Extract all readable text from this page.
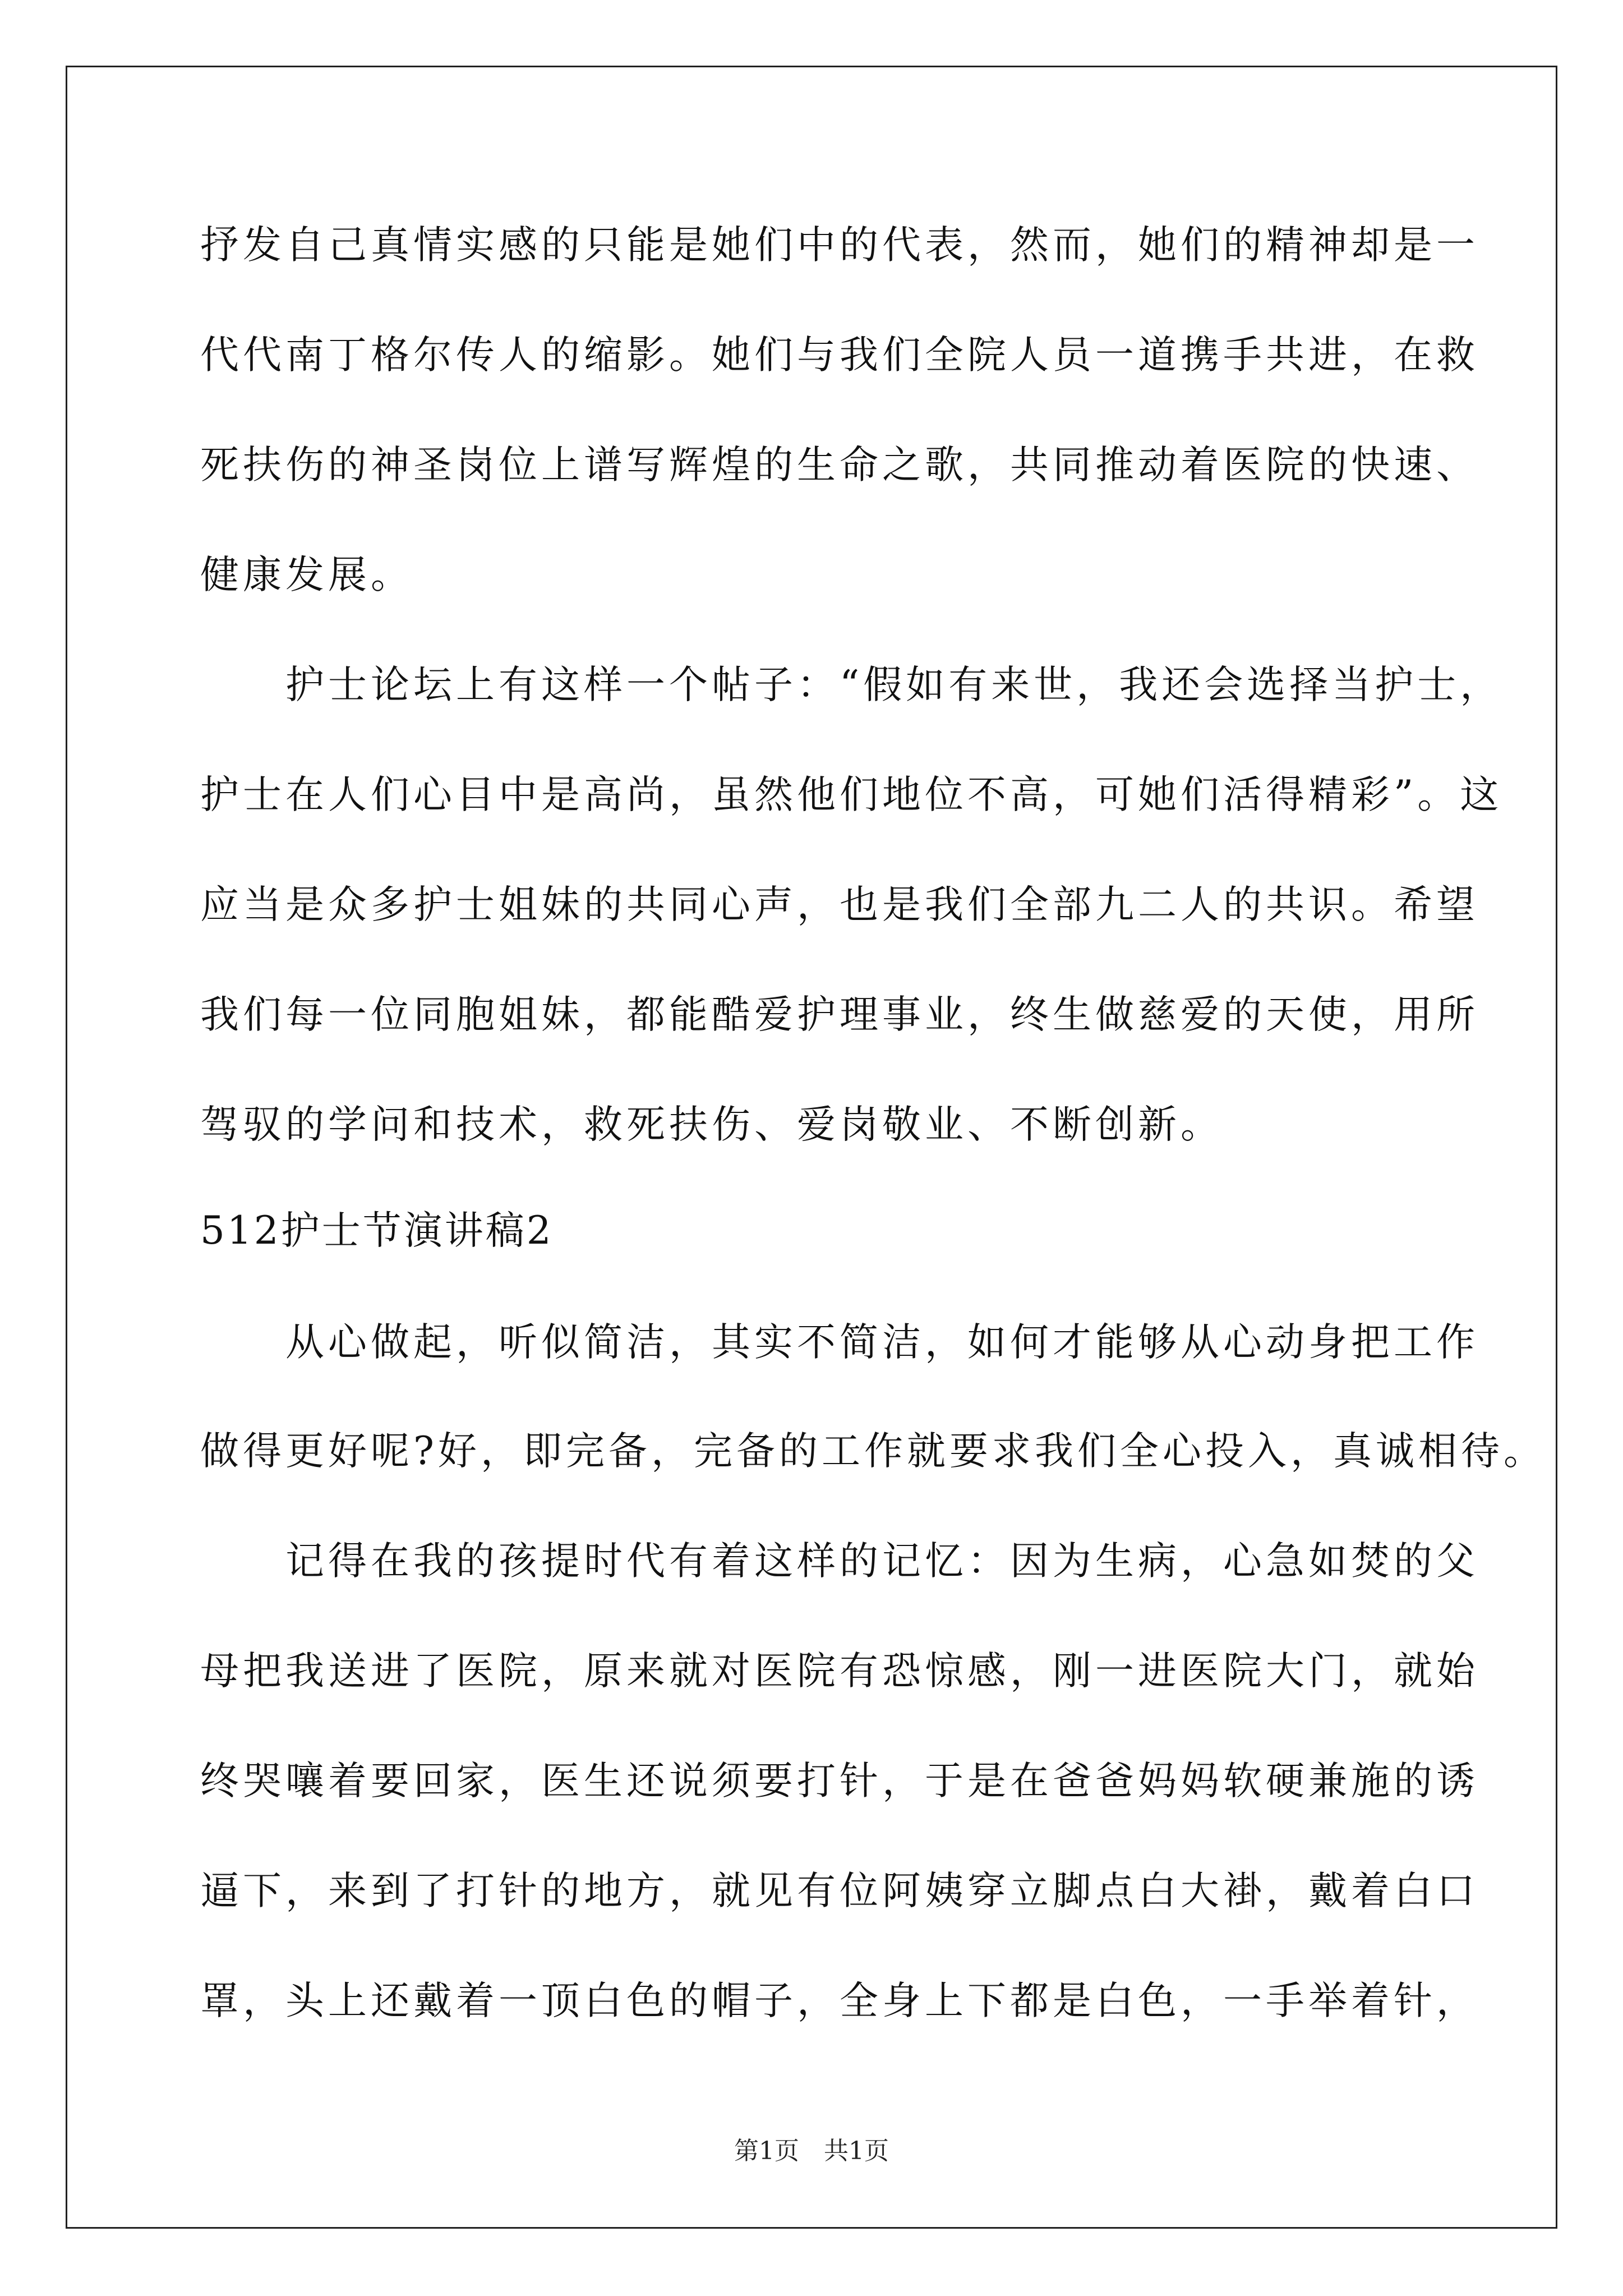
抒发自己真情实感的只能是她们中的代表，然而，她们的精神却是一
代代南丁格尔传人的缩影。她们与我们全院人员一道携手共进，在救
死扶伤的神圣岗位上谱写辉煌的生命之歌，共同推动着医院的快速、
健康发展。
　　护士论坛上有这样一个帖子：“假如有来世，我还会选择当护士，
护士在人们心目中是高尚，虽然他们地位不高，可她们活得精彩”。这
应当是众多护士姐妹的共同心声，也是我们全部九二人的共识。希望
我们每一位同胞姐妹，都能酷爱护理事业，终生做慈爱的天使，用所
驾驭的学问和技术，救死扶伤、爱岗敬业、不断创新。
512护士节演讲稿2
　　从心做起，听似简洁，其实不简洁，如何才能够从心动身把工作
做得更好呢?好，即完备，完备的工作就要求我们全心投入，真诚相待。
　　记得在我的孩提时代有着这样的记忆：因为生病，心急如焚的父
母把我送进了医院，原来就对医院有恐惊感，刚一进医院大门，就始
终哭嚷着要回家，医生还说须要打针，于是在爸爸妈妈软硬兼施的诱
逼下，来到了打针的地方，就见有位阿姨穿立脚点白大褂，戴着白口
罩，头上还戴着一顶白色的帽子，全身上下都是白色，一手举着针，
第1页　共1页
